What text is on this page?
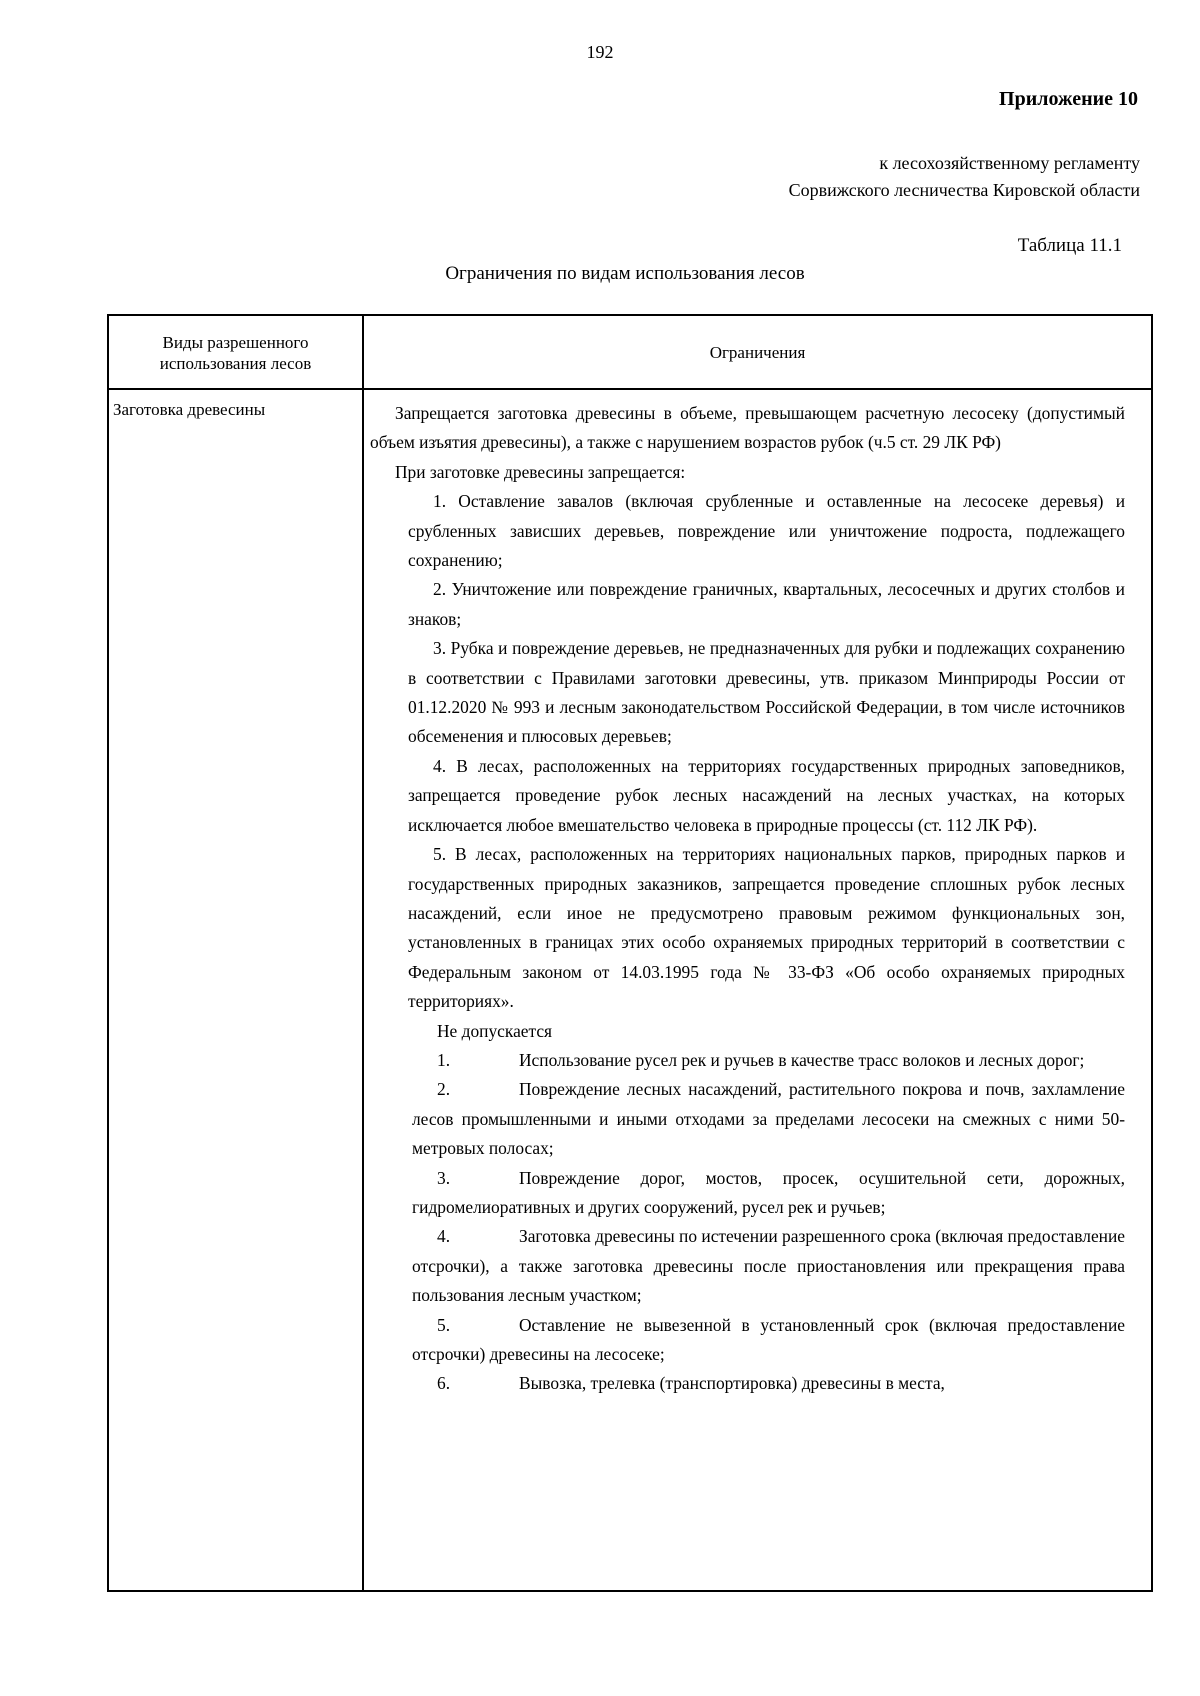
192
Приложение 10
к лесохозяйственному регламенту
Сорвижского лесничества Кировской области
Таблица 11.1
Ограничения по видам использования лесов
Виды разрешенного использования лесов
Ограничения
Заготовка древесины	Запрещается заготовка древесины в объеме, превышающем расчетную лесосеку (допустимый объем изъятия древесины), а также с нарушением возрастов рубок (ч.5 ст. 29 ЛК РФ)

При заготовке древесины запрещается:

1. Оставление завалов (включая срубленные и оставленные на лесосеке деревья) и срубленных зависших деревьев, повреждение или уничтожение подроста, подлежащего сохранению;

2. Уничтожение или повреждение граничных, квартальных, лесосечных и других столбов и знаков;

3. Рубка и повреждение деревьев, не предназначенных для рубки и подлежащих сохранению в соответствии с Правилами заготовки древесины, утв. приказом Минприроды России от 01.12.2020 № 993 и лесным законодательством Российской Федерации, в том числе источников обсеменения и плюсовых деревьев;

4. В лесах, расположенных на территориях государственных природных заповедников, запрещается проведение рубок лесных насаждений на лесных участках, на которых исключается любое вмешательство человека в природные процессы (ст. 112 ЛК РФ).

5. В лесах, расположенных на территориях национальных парков, природных парков и государственных природных заказников, запрещается проведение сплошных рубок лесных насаждений, если иное не предусмотрено правовым режимом функциональных зон, установленных в границах этих особо охраняемых природных территорий в соответствии с Федеральным законом от 14.03.1995 года № 33-ФЗ «Об особо охраняемых природных территориях».

Не допускается

1.	Использование русел рек и ручьев в качестве трасс волоков и лесных дорог;

2.	Повреждение лесных насаждений, растительного покрова и почв, захламление лесов промышленными и иными отходами за пределами лесосеки на смежных с ними 50-метровых полосах;

3.	Повреждение дорог, мостов, просек, осушительной сети, дорожных, гидромелиоративных и других сооружений, русел рек и ручьев;

4.	Заготовка древесины по истечении разрешенного срока (включая предоставление отсрочки), а также заготовка древесины после приостановления или прекращения права пользования лесным участком;

5.	Оставление не вывезенной в установленный срок (включая предоставление отсрочки) древесины на лесосеке;

6.	Вывозка, трелевка (транспортировка) древесины в места,
